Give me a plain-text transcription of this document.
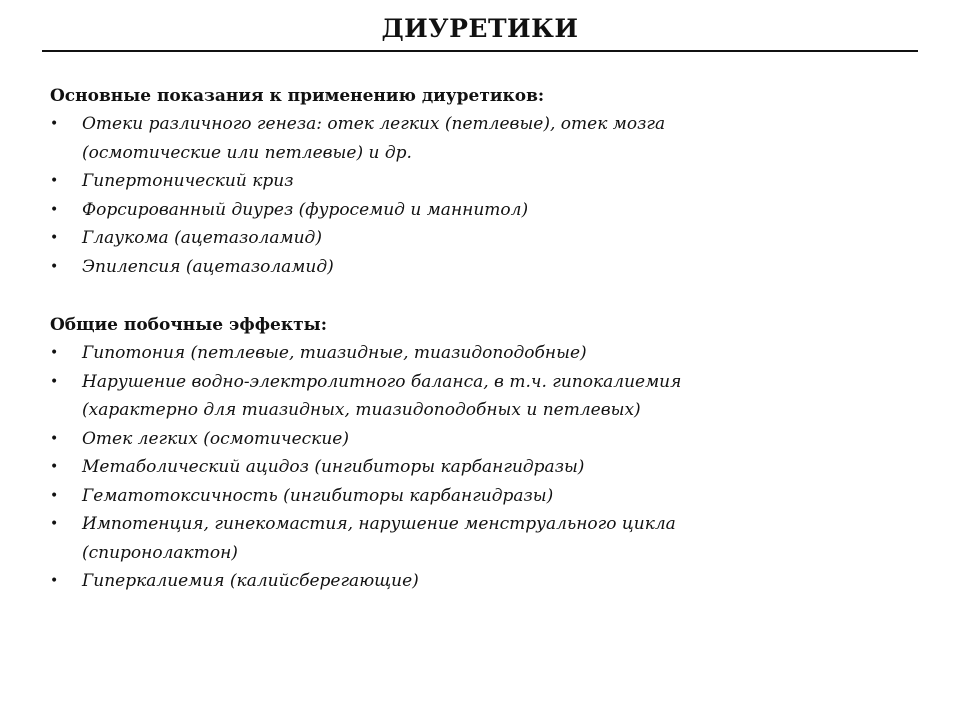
ДИУРЕТИКИ

Основные показания к применению диуретиков:

• Отеки различного генеза: отек легких (петлевые), отек мозга
(осмотические или петлевые) и др.
• Гипертонический криз
• Форсированный диурез (фуросемид и маннитол)
• Глаукома (ацетазоламид)
• Эпилепсия (ацетазоламид)

Общие побочные эффекты:

• Гипотония (петлевые, тиазидные, тиазидоподобные)
• Нарушение водно-электролитного баланса, в т.ч. гипокалиемия
(характерно для тиазидных, тиазидоподобных и петлевых)
• Отек легких (осмотические)
• Метаболический ацидоз (ингибиторы карбангидразы)
• Гематотоксичность (ингибиторы карбангидразы)
• Импотенция, гинекомастия, нарушение менструального цикла
(спиронолактон)
• Гиперкалиемия (калийсберегающие)
